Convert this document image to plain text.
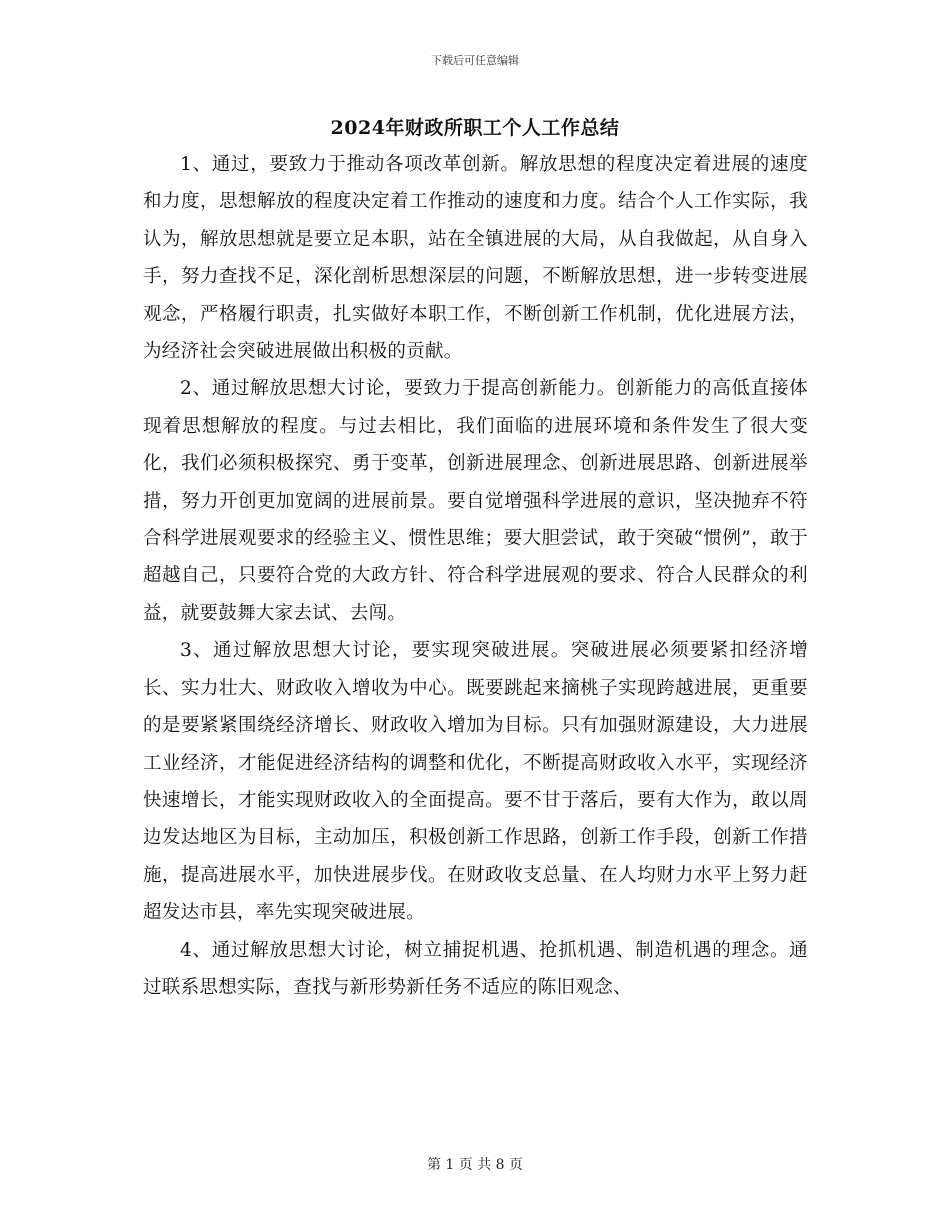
下载后可任意编辑
2024年财政所职工个人工作总结

1、通过，要致力于推动各项改革创新。解放思想的程度决定着进展的速度和力度，思想解放的程度决定着工作推动的速度和力度。结合个人工作实际，我认为，解放思想就是要立足本职，站在全镇进展的大局，从自我做起，从自身入手，努力查找不足，深化剖析思想深层的问题，不断解放思想，进一步转变进展观念，严格履行职责，扎实做好本职工作，不断创新工作机制，优化进展方法，为经济社会突破进展做出积极的贡献。

2、通过解放思想大讨论，要致力于提高创新能力。创新能力的高低直接体现着思想解放的程度。与过去相比，我们面临的进展环境和条件发生了很大变化，我们必须积极探究、勇于变革，创新进展理念、创新进展思路、创新进展举措，努力开创更加宽阔的进展前景。要自觉增强科学进展的意识，坚决抛弃不符合科学进展观要求的经验主义、惯性思维；要大胆尝试，敢于突破“惯例”，敢于超越自己，只要符合党的大政方针、符合科学进展观的要求、符合人民群众的利益，就要鼓舞大家去试、去闯。

3、通过解放思想大讨论，要实现突破进展。突破进展必须要紧扣经济增长、实力壮大、财政收入增收为中心。既要跳起来摘桃子实现跨越进展，更重要的是要紧紧围绕经济增长、财政收入增加为目标。只有加强财源建设，大力进展工业经济，才能促进经济结构的调整和优化，不断提高财政收入水平，实现经济快速增长，才能实现财政收入的全面提高。要不甘于落后，要有大作为，敢以周边发达地区为目标，主动加压，积极创新工作思路，创新工作手段，创新工作措施，提高进展水平，加快进展步伐。在财政收支总量、在人均财力水平上努力赶超发达市县，率先实现突破进展。

4、通过解放思想大讨论，树立捕捉机遇、抢抓机遇、制造机遇的理念。通过联系思想实际，查找与新形势新任务不适应的陈旧观念、

第 1 页 共 8 页
